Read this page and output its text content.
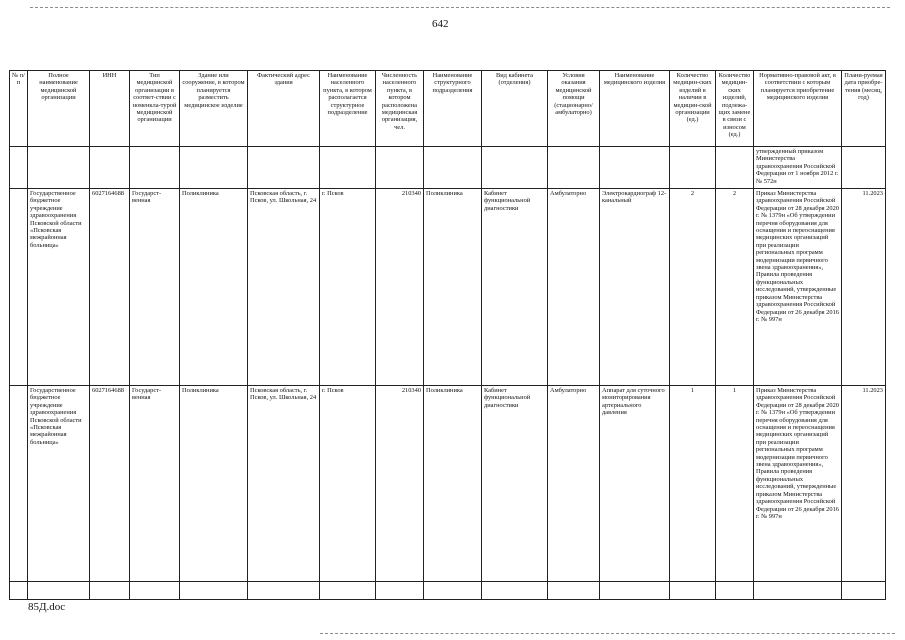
642
№ п/п	Полное наименование медицинской организации	ИНН	Тип медицинской организации в соответ-ствии с номенкла-турой медицинской организации	Здание или сооружение, в котором планируется разместить медицинское изделие	Фактический адрес здания	Наименование населенного пункта, в котором располагается структурное подразделение	Численность населенного пункта, в котором расположена медицинская организация, чел.	Наименование структурного подразделения	Вид кабинета (отделения)	Условия оказания медицинской помощи (стационарно/ амбулаторно)	Наименование медицинского изделия	Количество медицин-ских изделий в наличии в медицин-ской организации (ед.)	Количество медицин-ских изделий, подлежа-щих замене в связи с износом (ед.)	Нормативно-правовой акт, в соответствии с которым планируется приобретение медицинского изделия	Плани-руемая дата приобре-тения (месяц, год)
														утвержденный приказом Министерства здравоохранения Российской Федерации от 1 ноября 2012 г. № 572н	
	Государственное бюджетное учреждение здравоохранения Псковской области «Псковская межрайонная больница»	6027164688	Государст-венная	Поликлиника	Псковская область, г. Псков, ул. Школьная, 24	г. Псков	210340	Поликлиника	Кабинет функциональной диагностики	Амбулаторно	Электрокардиограф 12-канальный	2	2	Приказ Министерства здравоохранения Российской Федерации от 28 декабря 2020 г. № 1379н «Об утверждении перечня оборудования для оснащения и переоснащения медицинских организаций при реализации региональных программ модернизации первичного звена здравоохранения», Правила проведения функциональных исследований, утвержденные приказом Министерства здравоохранения Российской Федерации от 26 декабря 2016 г. № 997н	11.2023
	Государственное бюджетное учреждение здравоохранения Псковской области «Псковская межрайонная больница»	6027164688	Государст-венная	Поликлиника	Псковская область, г. Псков, ул. Школьная, 24	г. Псков	210340	Поликлиника	Кабинет функциональной диагностики	Амбулаторно	Аппарат для суточного мониторирования артериального давления	1	1	Приказ Министерства здравоохранения Российской Федерации от 28 декабря 2020 г. № 1379н «Об утверждении перечня оборудования для оснащения и переоснащения медицинских организаций при реализации региональных программ модернизации первичного звена здравоохранения», Правила проведения функциональных исследований, утвержденные приказом Министерства здравоохранения Российской Федерации от 26 декабря 2016 г. № 997н	11.2023

85Д.doc
